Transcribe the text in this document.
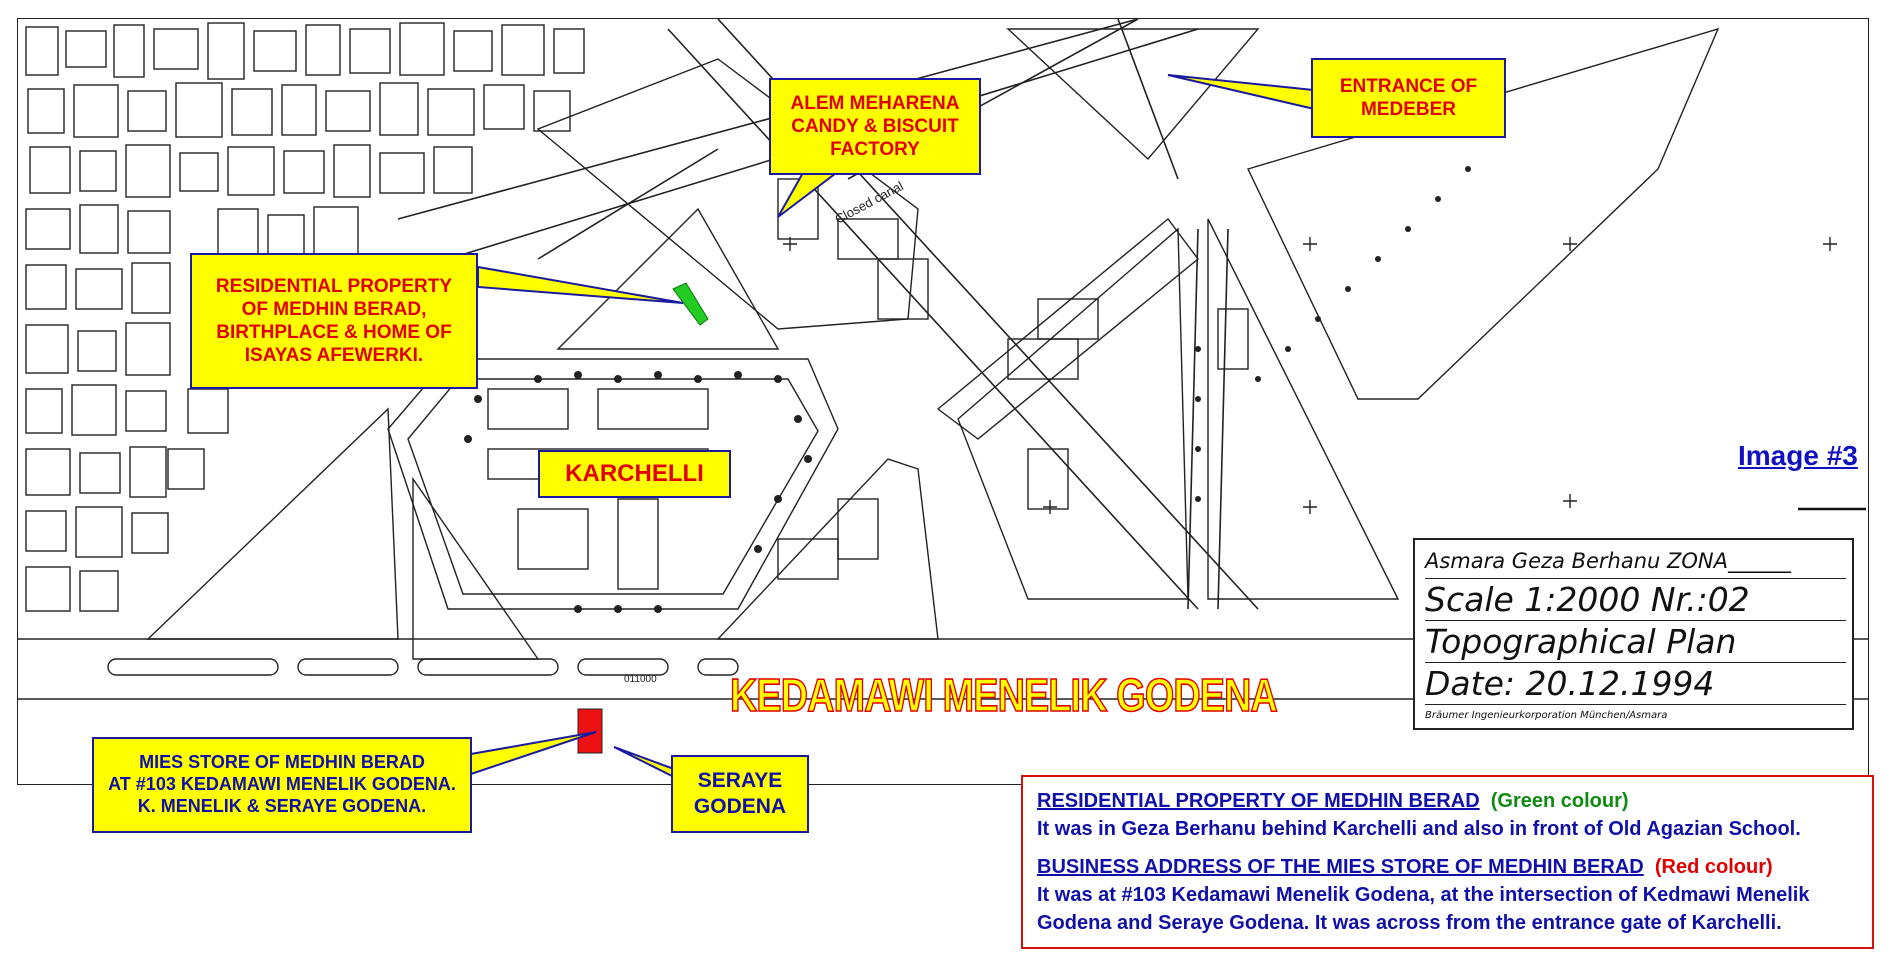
Closed canal
011000
ENTRANCE OF
MEDEBER
ALEM MEHARENA
CANDY & BISCUIT
FACTORY
RESIDENTIAL PROPERTY
OF MEDHIN BERAD,
BIRTHPLACE & HOME OF
ISAYAS AFEWERKI.
KARCHELLI
MIES STORE OF MEDHIN BERAD
AT #103 KEDAMAWI MENELIK GODENA.
K. MENELIK & SERAYE GODENA.
SERAYE
GODENA
KEDAMAWI MENELIK GODENA
Image #3
Asmara Geza Berhanu ZONA______
Scale 1:2000 Nr.:02
Topographical Plan
Date: 20.12.1994
Bräumer Ingenieurkorporation München/Asmara

RESIDENTIAL PROPERTY OF MEDHIN BERAD (Green colour)

It was in Geza Berhanu behind Karchelli and also in front of Old Agazian School.

BUSINESS ADDRESS OF THE MIES STORE OF MEDHIN BERAD (Red colour)

It was at #103 Kedamawi Menelik Godena, at the intersection of Kedmawi Menelik

Godena and Seraye Godena. It was across from the entrance gate of Karchelli.
